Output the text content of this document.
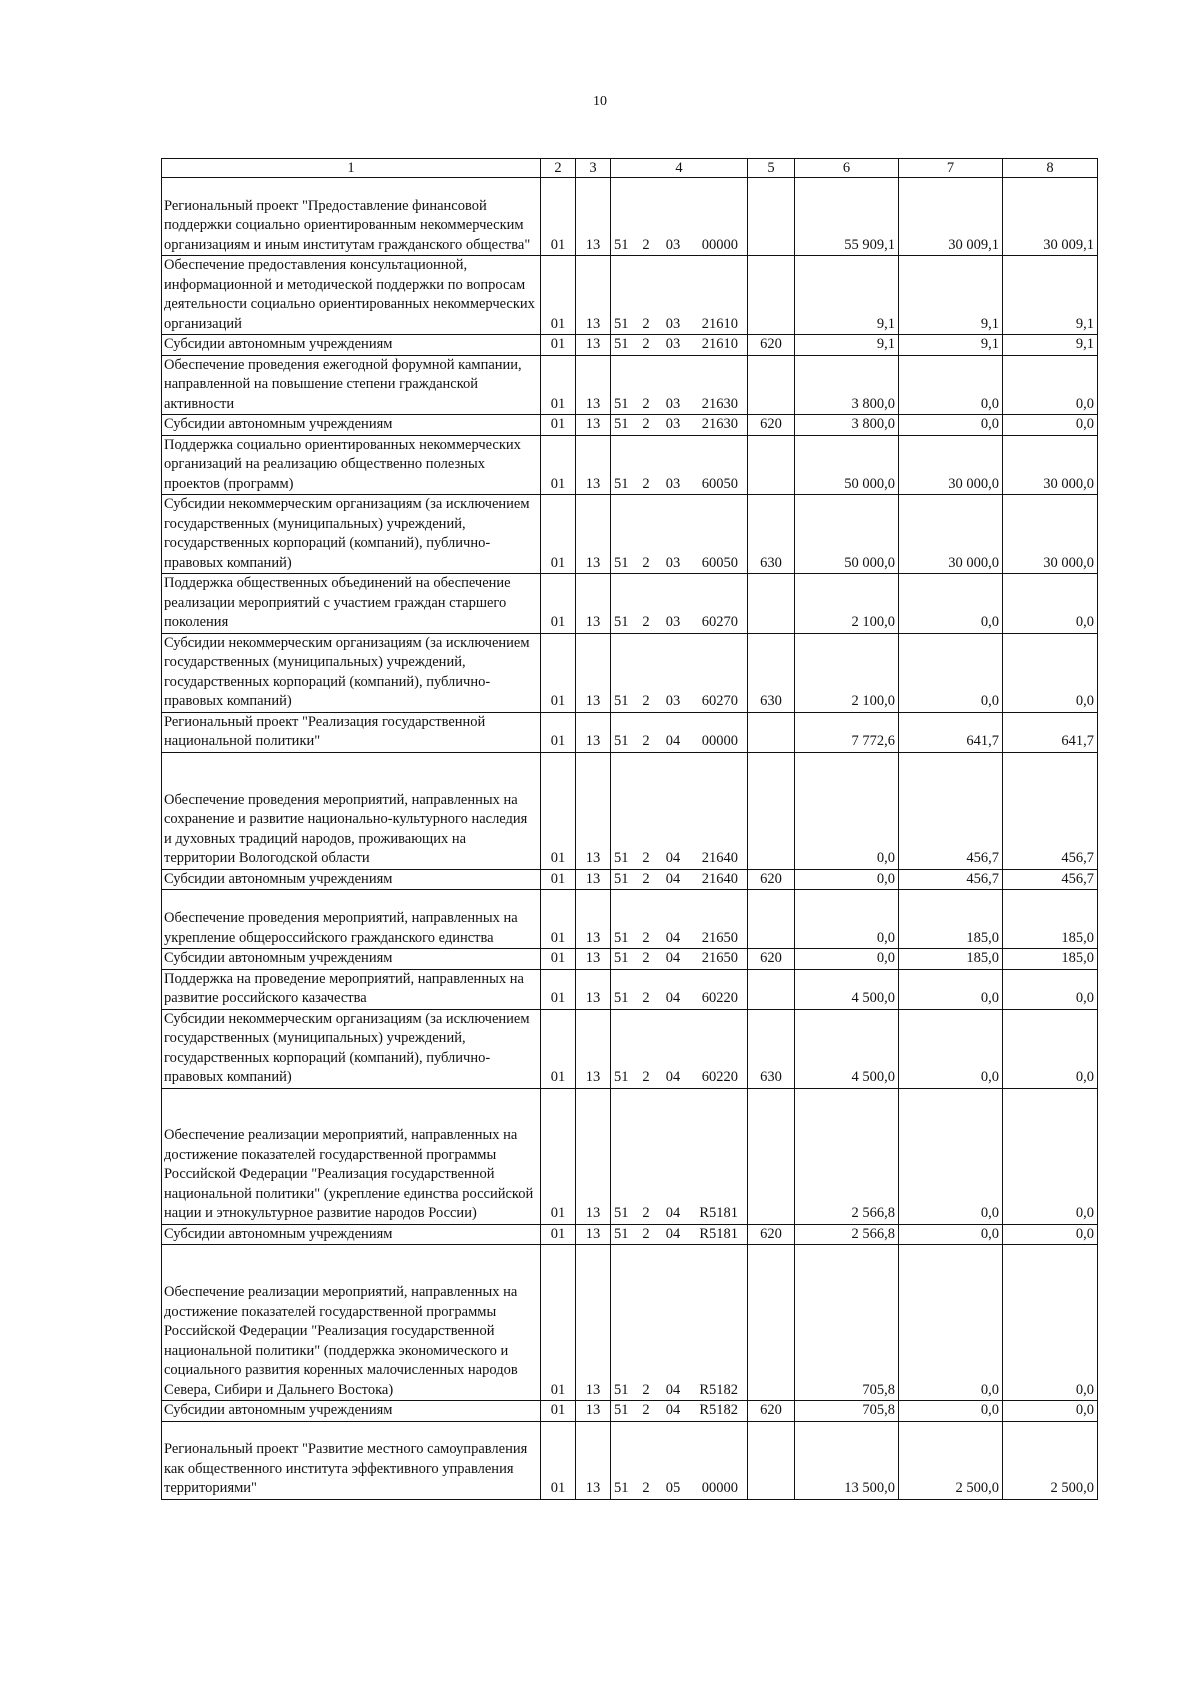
10
1	2	3	4	5	6	7	8
Региональный проект "Предоставление финансовой поддержки социально ориентированным некоммерческим организациям и иным институтам гражданского общества"	01	13	51 2 03 00000		55 909,1	30 009,1	30 009,1
Обеспечение предоставления консультационной, информационной и методической поддержки по вопросам деятельности социально ориентированных некоммерческих организаций	01	13	51 2 03 21610		9,1	9,1	9,1
Субсидии автономным учреждениям	01	13	51 2 03 21610	620	9,1	9,1	9,1
Обеспечение проведения ежегодной форумной кампании, направленной на повышение степени гражданской активности	01	13	51 2 03 21630		3 800,0	0,0	0,0
Субсидии автономным учреждениям	01	13	51 2 03 21630	620	3 800,0	0,0	0,0
Поддержка социально ориентированных некоммерческих организаций на реализацию общественно полезных проектов (программ)	01	13	51 2 03 60050		50 000,0	30 000,0	30 000,0
Субсидии некоммерческим организациям (за исключением государственных (муниципальных) учреждений, государственных корпораций (компаний), публично-правовых компаний)	01	13	51 2 03 60050	630	50 000,0	30 000,0	30 000,0
Поддержка общественных объединений на обеспечение реализации мероприятий с участием граждан старшего поколения	01	13	51 2 03 60270		2 100,0	0,0	0,0
Субсидии некоммерческим организациям (за исключением государственных (муниципальных) учреждений, государственных корпораций (компаний), публично-правовых компаний)	01	13	51 2 03 60270	630	2 100,0	0,0	0,0
Региональный проект "Реализация государственной национальной политики"	01	13	51 2 04 00000		7 772,6	641,7	641,7
Обеспечение проведения мероприятий, направленных на сохранение и развитие национально-культурного наследия и духовных традиций народов, проживающих на территории Вологодской области	01	13	51 2 04 21640		0,0	456,7	456,7
Субсидии автономным учреждениям	01	13	51 2 04 21640	620	0,0	456,7	456,7
Обеспечение проведения мероприятий, направленных на укрепление общероссийского гражданского единства	01	13	51 2 04 21650		0,0	185,0	185,0
Субсидии автономным учреждениям	01	13	51 2 04 21650	620	0,0	185,0	185,0
Поддержка на проведение мероприятий, направленных на развитие российского казачества	01	13	51 2 04 60220		4 500,0	0,0	0,0
Субсидии некоммерческим организациям (за исключением государственных (муниципальных) учреждений, государственных корпораций (компаний), публично-правовых компаний)	01	13	51 2 04 60220	630	4 500,0	0,0	0,0
Обеспечение реализации мероприятий, направленных на достижение показателей государственной программы Российской Федерации "Реализация государственной национальной политики" (укрепление единства российской нации и этнокультурное развитие народов России)	01	13	51 2 04 R5181		2 566,8	0,0	0,0
Субсидии автономным учреждениям	01	13	51 2 04 R5181	620	2 566,8	0,0	0,0
Обеспечение реализации мероприятий, направленных на достижение показателей государственной программы Российской Федерации "Реализация государственной национальной политики" (поддержка экономического и социального развития коренных малочисленных народов Севера, Сибири и Дальнего Востока)	01	13	51 2 04 R5182		705,8	0,0	0,0
Субсидии автономным учреждениям	01	13	51 2 04 R5182	620	705,8	0,0	0,0
Региональный проект "Развитие местного самоуправления как общественного института эффективного управления территориями"	01	13	51 2 05 00000		13 500,0	2 500,0	2 500,0
